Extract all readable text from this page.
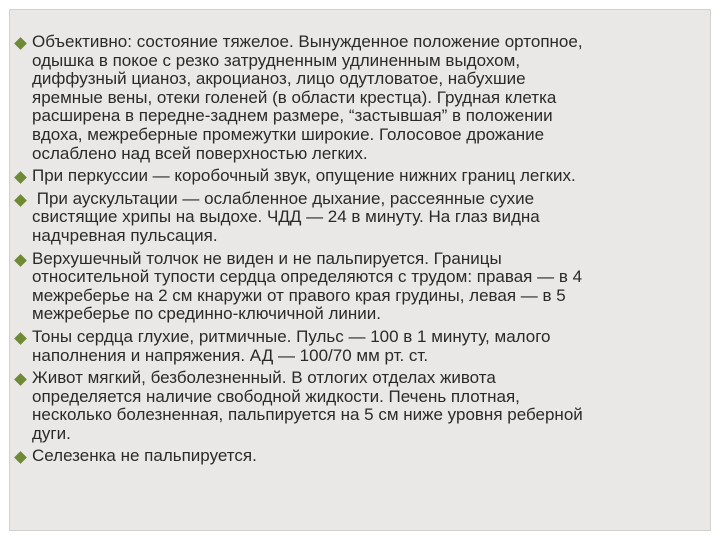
Объективно: состояние тяжелое. Вынужденное положение ортопное,
одышка в покое с резко затрудненным удлиненным выдохом,
диффузный цианоз, акроцианоз, лицо одутловатое, набухшие
яремные вены, отеки голеней (в области крестца). Грудная клетка
расширена в передне-заднем размере, “застывшая” в положении
вдоха, межреберные промежутки широкие. Голосовое дрожание
ослаблено над всей поверхностью легких.
При перкуссии — коробочный звук, опущение нижних границ легких.
При аускультации — ослабленное дыхание, рассеянные сухие
свистящие хрипы на выдохе. ЧДД — 24 в минуту. На глаз видна
надчревная пульсация.
Верхушечный толчок не виден и не пальпируется. Границы
относительной тупости сердца определяются с трудом: правая — в 4
межреберье на 2 см кнаружи от правого края грудины, левая — в 5
межреберье по срединно-ключичной линии.
Тоны сердца глухие, ритмичные. Пульс — 100 в 1 минуту, малого
наполнения и напряжения. АД — 100/70 мм рт. ст.
Живот мягкий, безболезненный. В отлогих отделах живота
определяется наличие свободной жидкости. Печень плотная,
несколько болезненная, пальпируется на 5 см ниже уровня реберной
дуги.
Селезенка не пальпируется.
